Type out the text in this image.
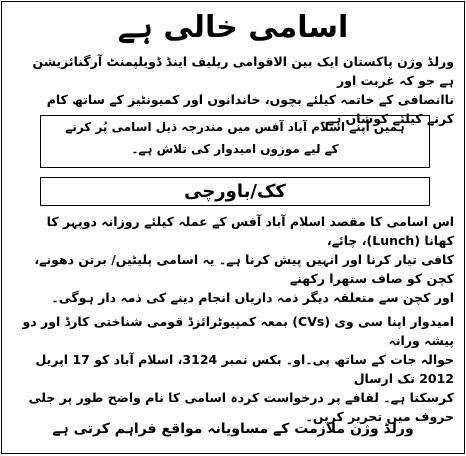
اسامی خالی ہے

ورلڈ وژن پاکستان ایک بین الاقوامی ریلیف اینڈ ڈویلپمنٹ آرگنائزیشن ہے جو کہ غربت اور

ناانصافی کے خاتمہ کیلئے بچوں، خاندانوں اور کمیونٹیز کے ساتھ کام کرنے کیلئے کوشاں ہے۔

ہمیں اپنے اسلام آباد آفس میں مندرجہ ذیل اسامی پُر کرنے
کے لیے موزوں امیدوار کی تلاش ہے۔
کک/باورچی

اس اسامی کا مقصد اسلام آباد آفس کے عملہ کیلئے روزانہ دوپہر کا کھانا (Lunch)، چائے،

کافی تیار کرنا اور انہیں پیش کرنا ہے۔ یہ اسامی پلیٹیں/ برتن دھونے، کچن کو صاف ستھرا رکھنے

اور کچن سے متعلقہ دیگر ذمہ داریاں انجام دینے کی ذمہ دار ہوگی۔

امیدوار اپنا سی وی (CVs) بمعہ کمپیوٹرائزڈ قومی شناختی کارڈ اور دو پیشہ ورانہ

حوالہ جات کے ساتھ پی۔او۔ بکس نمبر 3124، اسلام آباد کو 17 اپریل 2012 تک ارسال

کرسکتا ہے۔ لفافے پر درخواست کردہ اسامی کا نام واضح طور پر جلی حروف میں تحریر کریں۔

ورلڈ وژن ملازمت کے مساویانہ مواقع فراہم کرتی ہے
